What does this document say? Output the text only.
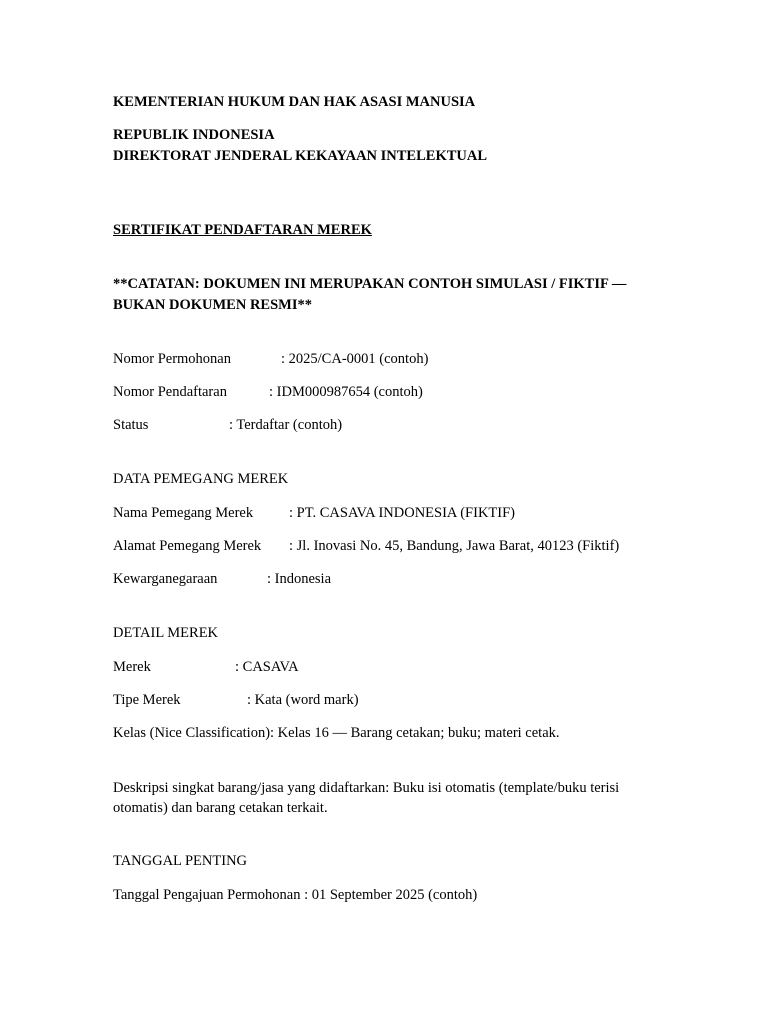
KEMENTERIAN HUKUM DAN HAK ASASI MANUSIA
REPUBLIK INDONESIA
DIREKTORAT JENDERAL KEKAYAAN INTELEKTUAL
SERTIFIKAT PENDAFTARAN MEREK
**CATATAN: DOKUMEN INI MERUPAKAN CONTOH SIMULASI / FIKTIF —
BUKAN DOKUMEN RESMI**
Nomor Permohonan	: 2025/CA-0001 (contoh)
Nomor Pendaftaran	: IDM000987654 (contoh)
Status	: Terdaftar (contoh)
DATA PEMEGANG MEREK
Nama Pemegang Merek : PT. CASAVA INDONESIA (FIKTIF)
Alamat Pemegang Merek : Jl. Inovasi No. 45, Bandung, Jawa Barat, 40123 (Fiktif)
Kewarganegaraan	: Indonesia
DETAIL MEREK
Merek	: CASAVA
Tipe Merek	: Kata (word mark)
Kelas (Nice Classification): Kelas 16 — Barang cetakan; buku; materi cetak.
Deskripsi singkat barang/jasa yang didaftarkan: Buku isi otomatis (template/buku terisi
otomatis) dan barang cetakan terkait.
TANGGAL PENTING
Tanggal Pengajuan Permohonan : 01 September 2025 (contoh)
